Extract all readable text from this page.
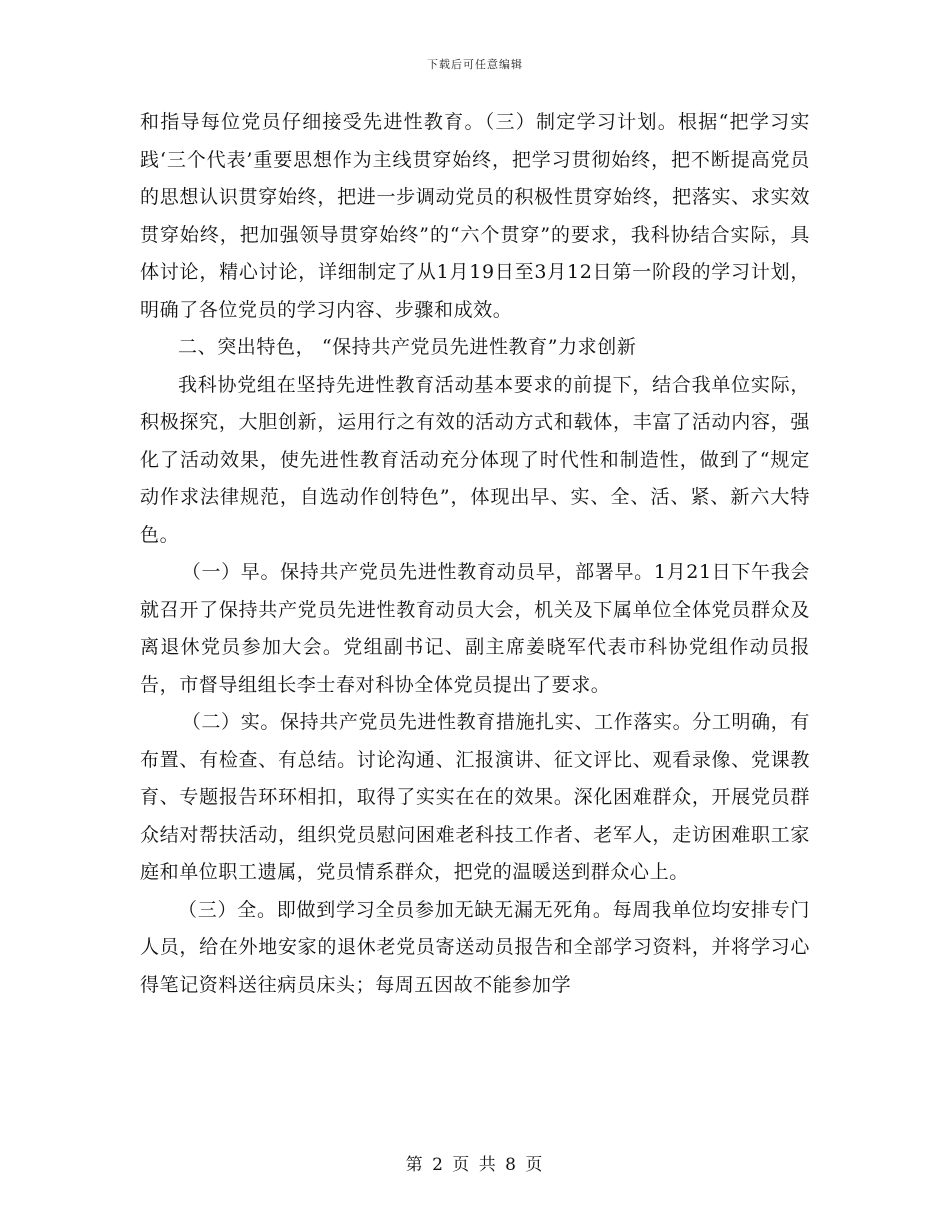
下载后可任意编辑

和指导每位党员仔细接受先进性教育。（三）制定学习计划。根据“把学习实践‘三个代表’重要思想作为主线贯穿始终，把学习贯彻始终，把不断提高党员的思想认识贯穿始终，把进一步调动党员的积极性贯穿始终，把落实、求实效贯穿始终，把加强领导贯穿始终”的“六个贯穿”的要求，我科协结合实际，具体讨论，精心讨论，详细制定了从1月19日至3月12日第一阶段的学习计划，明确了各位党员的学习内容、步骤和成效。

二、突出特色， “保持共产党员先进性教育”力求创新

我科协党组在坚持先进性教育活动基本要求的前提下，结合我单位实际，积极探究，大胆创新，运用行之有效的活动方式和载体，丰富了活动内容，强化了活动效果，使先进性教育活动充分体现了时代性和制造性，做到了“规定动作求法律规范，自选动作创特色”，体现出早、实、全、活、紧、新六大特色。

（一）早。保持共产党员先进性教育动员早，部署早。1月21日下午我会就召开了保持共产党员先进性教育动员大会，机关及下属单位全体党员群众及离退休党员参加大会。党组副书记、副主席姜晓军代表市科协党组作动员报告，市督导组组长李士春对科协全体党员提出了要求。

（二）实。保持共产党员先进性教育措施扎实、工作落实。分工明确，有布置、有检查、有总结。讨论沟通、汇报演讲、征文评比、观看录像、党课教育、专题报告环环相扣，取得了实实在在的效果。深化困难群众，开展党员群众结对帮扶活动，组织党员慰问困难老科技工作者、老军人，走访困难职工家庭和单位职工遗属，党员情系群众，把党的温暖送到群众心上。

（三）全。即做到学习全员参加无缺无漏无死角。每周我单位均安排专门人员，给在外地安家的退休老党员寄送动员报告和全部学习资料，并将学习心得笔记资料送往病员床头；每周五因故不能参加学

第 2 页 共 8 页
